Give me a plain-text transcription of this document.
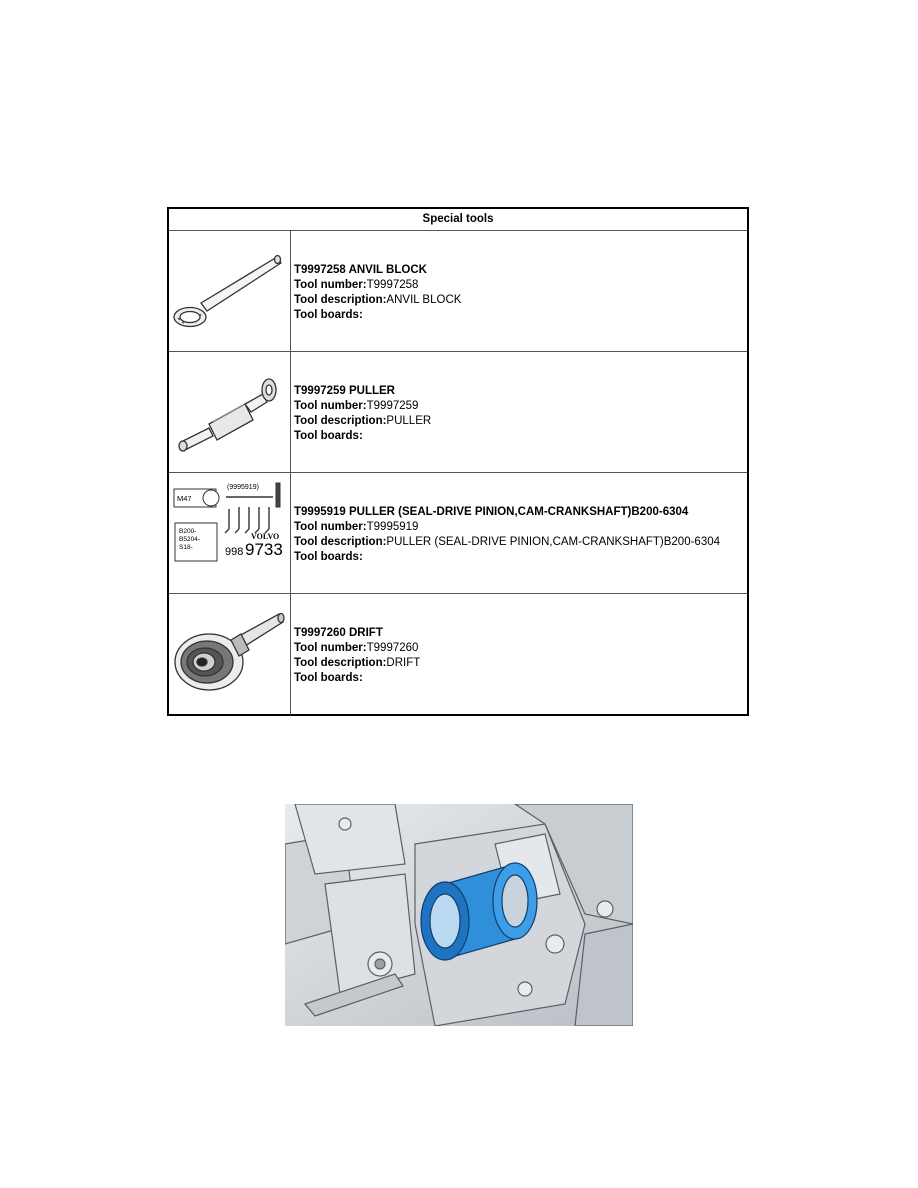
Special tools
T9997258 ANVIL BLOCK
Tool number:T9997258
Tool description:ANVIL BLOCK
Tool boards:
T9997259 PULLER
Tool number:T9997259
Tool description:PULLER
Tool boards:
M47
(9995919)
B200-
B5204-
S18-
VOLVO
998 9733
T9995919 PULLER (SEAL-DRIVE PINION,CAM-CRANKSHAFT)B200-6304
Tool number:T9995919
Tool description:PULLER (SEAL-DRIVE PINION,CAM-CRANKSHAFT)B200-6304
Tool boards:
T9997260 DRIFT
Tool number:T9997260
Tool description:DRIFT
Tool boards:
